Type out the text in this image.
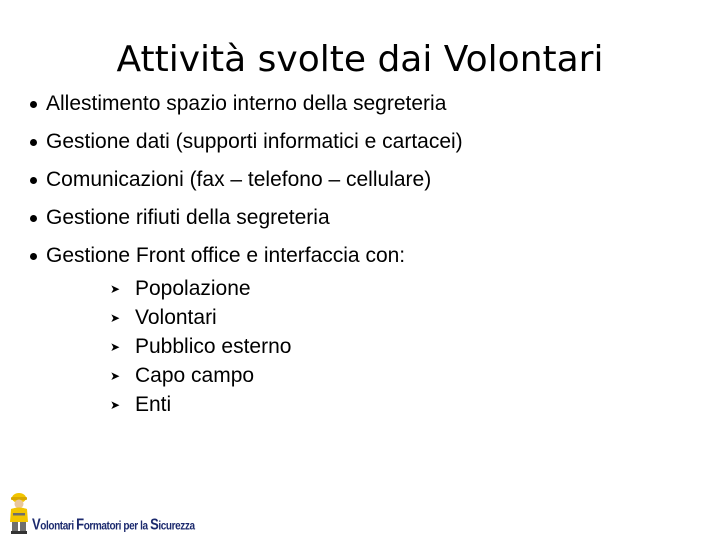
Attività svolte dai Volontari
Allestimento spazio interno della segreteria
Gestione dati (supporti informatici e cartacei)
Comunicazioni (fax – telefono – cellulare)
Gestione rifiuti della segreteria
Gestione Front office e interfaccia con:
➤ Popolazione
➤ Volontari
➤ Pubblico esterno
➤ Capo campo
➤ Enti
Volontari Formatori per la Sicurezza
